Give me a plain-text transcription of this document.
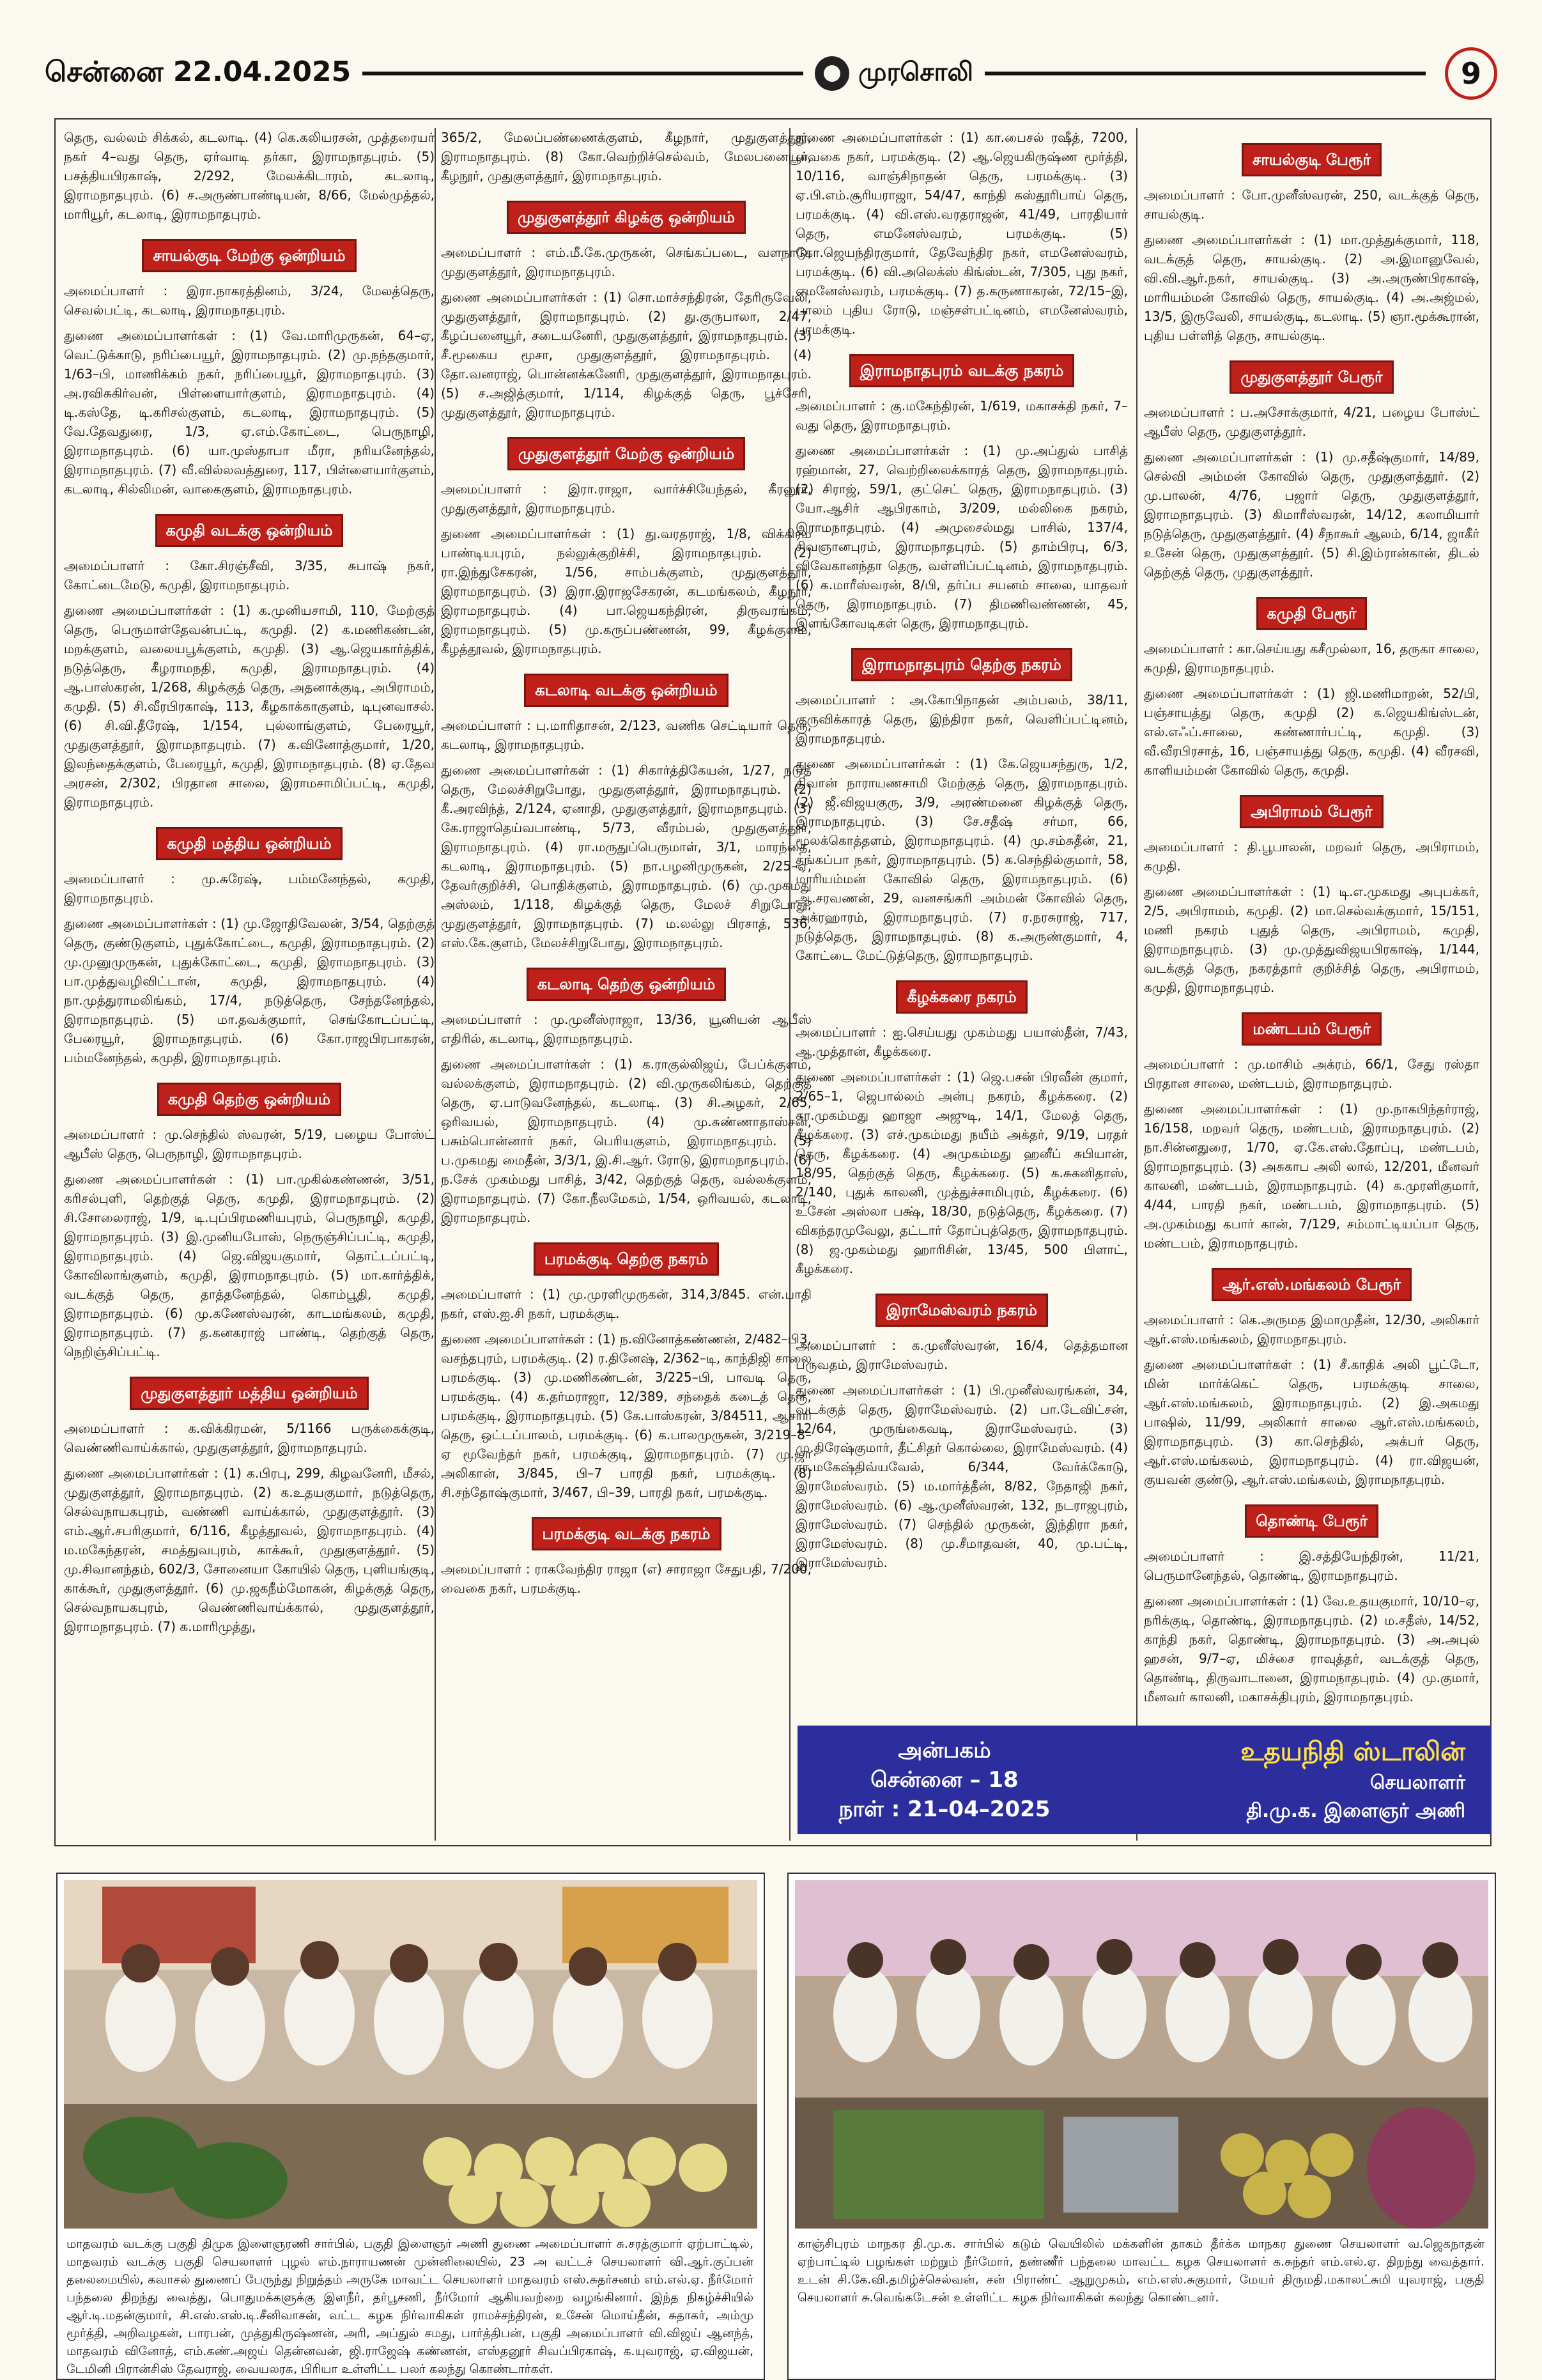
சென்னை 22.04.2025	முரசொலி	9

தெரு, வல்லம் சிக்கல், கடலாடி. (4) கெ.கலியரசன், முத்தரையர் நகர் 4–வது தெரு, ஏர்வாடி தர்கா, இராமநாதபுரம். (5) பசத்தியபிரகாஷ், 2/292, மேலக்கிடாரம், கடலாடி, இராமநாதபுரம். (6) ச.அருண்பாண்டியன், 8/66, மேல்முத்தல், மாரியூர், கடலாடி, இராமநாதபுரம்.

சாயல்குடி மேற்கு ஒன்றியம்

அமைப்பாளர் : இரா.நாகரத்தினம், 3/24, மேலத்தெரு, செவல்பட்டி, கடலாடி, இராமநாதபுரம்.

துணை அமைப்பாளர்கள் : (1) வே.மாரிமுருகன், 64–ஏ, வெட்டுக்காடு, நரிப்பையூர், இராமநாதபுரம். (2) மு.நந்தகுமார், 1/63–பி, மாணிக்கம் நகர், நரிப்பையூர், இராமநாதபுரம். (3) அ.ரவிசுகிர்வன், பிள்ளையார்குளம், இராமநாதபுரம். (4) டி.கஸ்தே, டி.கரிசல்குளம், கடலாடி, இராமநாதபுரம். (5) வே.தேவதுரை, 1/3, ஏ.எம்.கோட்டை, பெருநாழி, இராமநாதபுரம். (6) யா.முஸ்தாபா மீரா, நரியனேந்தல், இராமநாதபுரம். (7) வீ.வில்லவத்துரை, 117, பிள்ளையார்குளம், கடலாடி, சில்லிமன், வாகைகுளம், இராமநாதபுரம்.

கமுதி வடக்கு ஒன்றியம்

அமைப்பாளர் : கோ.சிரஞ்சீவி, 3/35, சுபாஷ் நகர், கோட்டைமேடு, கமுதி, இராமநாதபுரம்.

துணை அமைப்பாளர்கள் : (1) க.முனியசாமி, 110, மேற்குத் தெரு, பெருமாள்தேவன்பட்டி, கமுதி. (2) க.மணிகண்டன், மறக்குளம், வலையபூக்குளம், கமுதி. (3) ஆ.ஜெயகார்த்திக், நடுத்தெரு, கீழராமநதி, கமுதி, இராமநாதபுரம். (4) ஆ.பாஸ்கரன், 1/268, கிழக்குத் தெரு, அதனாக்குடி, அபிராமம், கமுதி. (5) சி.வீரபிரகாஷ், 113, கீழகாக்காகுளம், டிபுனவாசல். (6) சி.வி.தீரேஷ், 1/154, புல்லாங்குளம், பேரையூர், முதுகுளத்தூர், இராமநாதபுரம். (7) க.வினோத்குமார், 1/20, இலந்தைக்குளம், பேரையூர், கமுதி, இராமநாதபுரம். (8) ஏ.தேவ அரசன், 2/302, பிரதான சாலை, இராமசாமிப்பட்டி, கமுதி, இராமநாதபுரம்.

கமுதி மத்திய ஒன்றியம்

அமைப்பாளர் : மு.சுரேஷ், பம்மனேந்தல், கமுதி, இராமநாதபுரம்.

துணை அமைப்பாளர்கள் : (1) மு.ஜோதிவேலன், 3/54, தெற்குத் தெரு, குண்டுகுளம், புதுக்கோட்டை, கமுதி, இராமநாதபுரம். (2) மு.முனுமுருகன், புதுக்கோட்டை, கமுதி, இராமநாதபுரம். (3) பா.முத்துவழிவிட்டான், கமுதி, இராமநாதபுரம். (4) நா.முத்துராமலிங்கம், 17/4, நடுத்தெரு, சேந்தனேந்தல், இராமநாதபுரம். (5) மா.தவக்குமார், செங்கோடப்பட்டி, பேரையூர், இராமநாதபுரம். (6) கோ.ராஜபிரபாகரன், பம்மனேந்தல், கமுதி, இராமநாதபுரம்.

கமுதி தெற்கு ஒன்றியம்

அமைப்பாளர் : மு.செந்தில் ஸ்வரன், 5/19, பழைய போஸ்ட் ஆபீஸ் தெரு, பெருநாழி, இராமநாதபுரம்.

துணை அமைப்பாளர்கள் : (1) பா.முகில்கண்ணன், 3/51, கரிசல்புளி, தெற்குத் தெரு, கமுதி, இராமநாதபுரம். (2) சி.சோலைராஜ், 1/9, டி.புப்பிரமணியபுரம், பெருநாழி, கமுதி, இராமநாதபுரம். (3) இ.முனியபோஸ், நெருஞ்சிப்பட்டி, கமுதி, இராமநாதபுரம். (4) ஜெ.விஜயகுமார், தொட்டப்பட்டி, கோவிலாங்குளம், கமுதி, இராமநாதபுரம். (5) மா.கார்த்திக், வடக்குத் தெரு, தாத்தனேந்தல், கொம்பூதி, கமுதி, இராமநாதபுரம். (6) மு.கணேஸ்வரன், காடமங்கலம், கமுதி, இராமநாதபுரம். (7) த.கனகராஜ் பாண்டி, தெற்குத் தெரு, நெறிஞ்சிப்பட்டி.

முதுகுளத்தூர் மத்திய ஒன்றியம்

அமைப்பாளர் : க.விக்கிரமன், 5/1166 பருக்கைக்குடி, வெண்ணிவாய்க்கால், முதுகுளத்தூர், இராமநாதபுரம்.

துணை அமைப்பாளர்கள் : (1) க.பிரபு, 299, கிழவனேரி, மீசல், முதுகுளத்தூர், இராமநாதபுரம். (2) க.உதயகுமார், நடுத்தெரு, செல்வநாயகபுரம், வண்ணி வாய்க்கால், முதுகுளத்தூர். (3) எம்.ஆர்.சபரிகுமார், 6/116, கீழத்தூவல், இராமநாதபுரம். (4) ம.மகேந்தரன், சமத்துவபுரம், காக்கூர், முதுகுளத்தூர். (5) மு.சிவானந்தம், 602/3, சோனையா கோயில் தெரு, புளியங்குடி, காக்கூர், முதுகுளத்தூர். (6) மு.ஜகநீம்மோகன், கிழக்குத் தெரு, செல்வநாயகபுரம், வெண்ணிவாய்க்கால், முதுகுளத்தூர், இராமநாதபுரம். (7) க.மாரிமுத்து,

365/2, மேலப்பண்ணைக்குளம், கீழநார், முதுகுளத்தூர், இராமநாதபுரம். (8) கோ.வெற்றிச்செல்வம், மேலபனையூர், கீழநூர், முதுகுளத்தூர், இராமநாதபுரம்.

முதுகுளத்தூர் கிழக்கு ஒன்றியம்

அமைப்பாளர் : எம்.மீ.கே.முருகன், செங்கப்படை, வளநாடு, முதுகுளத்தூர், இராமநாதபுரம்.

துணை அமைப்பாளர்கள் : (1) சொ.மாச்சந்திரன், தேரிருவேலி, முதுகுளத்தூர், இராமநாதபுரம். (2) து.குருபாலா, 2/47, கீழப்பனையூர், சடையனேரி, முதுகுளத்தூர், இராமநாதபுரம். (3) சீ.மூகைய மூசா, முதுகுளத்தூர், இராமநாதபுரம். (4) தோ.வனராஜ், பொன்னக்கனேரி, முதுகுளத்தூர், இராமநாதபுரம். (5) ச.அஜித்குமார், 1/114, கிழக்குத் தெரு, பூச்சேரி, முதுகுளத்தூர், இராமநாதபுரம்.

முதுகுளத்தூர் மேற்கு ஒன்றியம்

அமைப்பாளர் : இரா.ராஜா, வார்ச்சியேந்தல், கீரனூர், முதுகுளத்தூர், இராமநாதபுரம்.

துணை அமைப்பாளர்கள் : (1) து.வரதராஜ், 1/8, விக்கிரம பாண்டியபுரம், நல்லுக்குறிச்சி, இராமநாதபுரம். (2) ரா.இந்துசேகரன், 1/56, சாம்பக்குளம், முதுகுளத்தூர், இராமநாதபுரம். (3) இரா.இராஜசேகரன், கடமங்கலம், கீழநூர், இராமநாதபுரம். (4) பா.ஜெயகந்திரன், திருவரங்கம், இராமநாதபுரம். (5) மு.கருப்பண்ணன், 99, கீழக்குளம், கீழத்தூவல், இராமநாதபுரம்.

கடலாடி வடக்கு ஒன்றியம்

அமைப்பாளர் : பு.மாரிதாசன், 2/123, வணிக செட்டியார் தெரு, கடலாடி, இராமநாதபுரம்.

துணை அமைப்பாளர்கள் : (1) சிகார்த்திகேயன், 1/27, நடுத் தெரு, மேலச்சிறுபோது, முதுகுளத்தூர், இராமநாதபுரம். (2) கீ.அரவிந்த், 2/124, ஏனாதி, முதுகுளத்தூர், இராமநாதபுரம். (3) கே.ராஜாதெய்வபாண்டி, 5/73, வீரம்பல், முதுகுளத்தூர், இராமநாதபுரம். (4) ரா.மருதுப்பெருமாள், 3/1, மாரந்தை, கடலாடி, இராமநாதபுரம். (5) நா.பழனிமுருகன், 2/25–ஏ, தேவர்குறிச்சி, பொதிக்குளம், இராமநாதபுரம். (6) மு.முகமது அஸ்லம், 1/118, கிழக்குத் தெரு, மேலச் சிறுபோது, முதுகுளத்தூர், இராமநாதபுரம். (7) ம.லல்லு பிரசாத், 536, எஸ்.கே.குளம், மேலச்சிறுபோது, இராமநாதபுரம்.

கடலாடி தெற்கு ஒன்றியம்

அமைப்பாளர் : மு.முனீஸ்ராஜா, 13/36, யூனியன் ஆபீஸ் எதிரில், கடலாடி, இராமநாதபுரம்.

துணை அமைப்பாளர்கள் : (1) க.ராகுல்லிஜய், பேப்க்குளம், வல்லக்குளம், இராமநாதபுரம். (2) வி.முருகலிங்கம், தெற்குத் தெரு, ஏ.பாடுவனேந்தல், கடலாடி. (3) சி.அழகர், 2/65, ஒரிவயல், இராமநாதபுரம். (4) மு.சுண்ணாதாஸ்சன், பசும்பொன்னார் நகர், பெரியகுளம், இராமநாதபுரம். (5) ப.முகமது மைதீன், 3/3/1, இ.சி.ஆர். ரோடு, இராமநாதபுரம். (6) ந.சேக் முகம்மது பாசித், 3/42, தெற்குத் தெரு, வல்லக்குளம், இராமநாதபுரம். (7) கோ.நீலமேகம், 1/54, ஒரிவயல், கடலாடி, இராமநாதபுரம்.

பரமக்குடி தெற்கு நகரம்

அமைப்பாளர் : (1) மு.முரளிமுருகன், 314,3/845. என்.பாதி நகர், எஸ்.ஐ.சி நகர், பரமக்குடி.

துணை அமைப்பாளர்கள் : (1) ந.வினோத்கண்ணன், 2/482–பி3, வசந்தபுரம், பரமக்குடி. (2) ர.தினேஷ், 2/362–டி, காந்திஜி சாலை பரமக்குடி. (3) மு.மணிகண்டன், 3/225–பி, பாவடி தெரு, பரமக்குடி. (4) க.தர்மராஜா, 12/389, சந்தைக் கடைத் தெரு, பரமக்குடி, இராமநாதபுரம். (5) கே.பாஸ்கரன், 3/84511, ஆசாரி தெரு, ஒட்டப்பாலம், பரமக்குடி. (6) க.பாலமுருகன், 3/219–8–ஏ மூவேந்தர் நகர், பரமக்குடி, இராமநாதபுரம். (7) மு.ஜா அலிகான், 3/845, பி–7 பாரதி நகர், பரமக்குடி. (8) சி.சந்தோஷ்குமார், 3/467, பி–39, பாரதி நகர், பரமக்குடி.

பரமக்குடி வடக்கு நகரம்

அமைப்பாளர் : ராகவேந்திர ராஜா (எ) சாராஜா சேதுபதி, 7/200, வைகை நகர், பரமக்குடி.

துணை அமைப்பாளர்கள் : (1) கா.பைசல் ரஷீத், 7200, வைகை நகர், பரமக்குடி. (2) ஆ.ஜெயகிருஷ்ண மூர்த்தி, 10/116, வாஞ்சிநாதன் தெரு, பரமக்குடி. (3) ஏ.பி.எம்.சூரியராஜா, 54/47, காந்தி கஸ்தூரிபாய் தெரு, பரமக்குடி. (4) வி.எஸ்.வரதராஜன், 41/49, பாரதியார் தெரு, எமனேஸ்வரம், பரமக்குடி. (5) கோ.ஜெயந்திரகுமார், தேவேந்திர நகர், எமனேஸ்வரம், பரமக்குடி. (6) வி.அலெக்ஸ் கிங்ஸ்டன், 7/305, புது நகர், எமனேஸ்வரம், பரமக்குடி. (7) த.கருணாகரன், 72/15–இ, பாலம் புதிய ரோடு, மஞ்சள்பட்டினம், எமனேஸ்வரம், பரமக்குடி.

இராமநாதபுரம் வடக்கு நகரம்

அமைப்பாளர் : கு.மகேந்திரன், 1/619, மகாசக்தி நகர், 7–வது தெரு, இராமநாதபுரம்.

துணை அமைப்பாளர்கள் : (1) மு.அப்துல் பாசித் ரஹ்மான், 27, வெற்றிலைக்காரத் தெரு, இராமநாதபுரம். (2) சிராஜ், 59/1, குட்செட் தெரு, இராமநாதபுரம். (3) யோ.ஆசிர் ஆபிரகாம், 3/209, மல்லிகை நகரம், இராமநாதபுரம். (4) அமுசைல்மது பாசில், 137/4, சிவஞானபுரம், இராமநாதபுரம். (5) தாம்பிரபு, 6/3, விவேகானந்தா தெரு, வள்ளிப்பட்டினம், இராமநாதபுரம். (6) க.மாரீஸ்வரன், 8/பி, தர்ப்ப சயனம் சாலை, யாதவர் தெரு, இராமநாதபுரம். (7) திமணிவண்ணன், 45, இளங்கோவடிகள் தெரு, இராமநாதபுரம்.

இராமநாதபுரம் தெற்கு நகரம்

அமைப்பாளர் : அ.கோபிநாதன் அம்பலம், 38/11, குருவிக்காரத் தெரு, இந்திரா நகர், வெளிப்பட்டினம், இராமநாதபுரம்.

துணை அமைப்பாளர்கள் : (1) கே.ஜெயசந்துரு, 1/2, திவான் நாராயணசாமி மேற்குத் தெரு, இராமநாதபுரம். (2) ஜீ.விஜயகுரு, 3/9, அரண்மனை கிழக்குத் தெரு, இராமநாதபுரம். (3) சே.சதீஷ் சர்மா, 66, மூலக்கொத்தளம், இராமநாதபுரம். (4) மு.சம்சுதீன், 21, தங்கப்பா நகர், இராமநாதபுரம். (5) க.செந்தில்குமார், 58, மாரியம்மன் கோவில் தெரு, இராமநாதபுரம். (6) ஆ.சரவணன், 29, வனசங்கரி அம்மன் கோவில் தெரு, அக்ரஹாரம், இராமநாதபுரம். (7) ர.நரசுராஜ், 717, நடுத்தெரு, இராமநாதபுரம். (8) க.அருண்குமார், 4, கோட்டை மேட்டுத்தெரு, இராமநாதபுரம்.

கீழக்கரை நகரம்

அமைப்பாளர் : ஐ.செய்யது முகம்மது பயாஸ்தீன், 7/43, ஆ.முத்தான், கீழக்கரை.

துணை அமைப்பாளர்கள் : (1) ஜெ.பசன் பிரவீன் குமார், 2/65–1, ஜெபால்லம் அன்பு நகரம், கீழக்கரை. (2) கா.முகம்மது ஹாஜா அஜுடி, 14/1, மேலத் தெரு, கீழக்கரை. (3) எச்.முகம்மது நயீம் அக்தர், 9/19, பரதர் தெரு, கீழக்கரை. (4) அமுகம்மது ஹனீப் சுபியான், 18/95, தெற்குத் தெரு, கீழக்கரை. (5) க.சுகனிதாஸ், 2/140, புதுக் காலனி, முத்துச்சாமிபுரம், கீழக்கரை. (6) உசேன் அஸ்லா பக்ஷ், 18/30, நடுத்தெரு, கீழக்கரை. (7) விகந்தரமுவேலு, தட்டார் தோப்புத்தெரு, இராமநாதபுரம். (8) ஜ.முகம்மது ஹாரிசின், 13/45, 500 பிளாட், கீழக்கரை.

இராமேஸ்வரம் நகரம்

அமைப்பாளர் : க.முனீஸ்வரன், 16/4, தெத்தமான பருவதம், இராமேஸ்வரம்.

துணை அமைப்பாளர்கள் : (1) பி.முனீஸ்வரங்கன், 34, வடக்குத் தெரு, இராமேஸ்வரம். (2) பா.டேவிட்சன், 12/64, முருங்கைவடி, இராமேஸ்வரம். (3) மு.திரேஷ்குமார், தீட்சிதர் கொல்லை, இராமேஸ்வரம். (4) ரா.மகேஷ்திவ்யவேல், 6/344, வேர்க்கோடு, இராமேஸ்வரம். (5) ம.மார்த்தீன், 8/82, நேதாஜி நகர், இராமேஸ்வரம். (6) ஆ.முனீஸ்வரன், 132, நடராஜபுரம், இராமேஸ்வரம். (7) செந்தில் முருகன், இந்திரா நகர், இராமேஸ்வரம். (8) மு.சீமாதவன், 40, மு.பட்டி, இராமேஸ்வரம்.

சாயல்குடி பேரூர்

அமைப்பாளர் : போ.முனீஸ்வரன், 250, வடக்குத் தெரு, சாயல்குடி.

துணை அமைப்பாளர்கள் : (1) மா.முத்துக்குமார், 118, வடக்குத் தெரு, சாயல்குடி. (2) அ.இமானுவேல், வி.வி.ஆர்.நகர், சாயல்குடி. (3) அ.அருண்பிரகாஷ், மாரியம்மன் கோவில் தெரு, சாயல்குடி. (4) அ.அஜ்மல், 13/5, இருவேலி, சாயல்குடி, கடலாடி. (5) ஞா.மூக்கூரான், புதிய பள்ளித் தெரு, சாயல்குடி.

முதுகுளத்தூர் பேரூர்

அமைப்பாளர் : ப.அசோக்குமார், 4/21, பழைய போஸ்ட் ஆபீஸ் தெரு, முதுகுளத்தூர்.

துணை அமைப்பாளர்கள் : (1) மு.சதீஷ்குமார், 14/89, செல்வி அம்மன் கோவில் தெரு, முதுகுளத்தூர். (2) மு.பாலன், 4/76, பஜார் தெரு, முதுகுளத்தூர், இராமநாதபுரம். (3) கிமாரீஸ்வரன், 14/12, கலாமியார் நடுத்தெரு, முதுகுளத்தூர். (4) சீநாகூர் ஆலம், 6/14, ஜாகீர் உசேன் தெரு, முதுகுளத்தூர். (5) சி.இம்ரான்கான், திடல் தெற்குத் தெரு, முதுகுளத்தூர்.

கமுதி பேரூர்

அமைப்பாளர் : கா.செய்யது கசீமுல்லா, 16, தருகா சாலை, கமுதி, இராமநாதபுரம்.

துணை அமைப்பாளர்கள் : (1) ஜி.மணிமாறன், 52/பி, பஞ்சாயத்து தெரு, கமுதி (2) க.ஜெயகிங்ஸ்டன், எல்.எஃப்.சாலை, கண்ணார்பட்டி, கமுதி. (3) வீ.வீரபிரசாத், 16, பஞ்சாயத்து தெரு, கமுதி. (4) வீரசவி, காளியம்மன் கோவில் தெரு, கமுதி.

அபிராமம் பேரூர்

அமைப்பாளர் : தி.பூபாலன், மறவர் தெரு, அபிராமம், கமுதி.

துணை அமைப்பாளர்கள் : (1) டி.எ.முகமது அபுபக்கர், 2/5, அபிராமம், கமுதி. (2) மா.செல்வக்குமார், 15/151, மணி நகரம் புதுத் தெரு, அபிராமம், கமுதி, இராமநாதபுரம். (3) மு.முத்துவிஜயபிரகாஷ், 1/144, வடக்குத் தெரு, நகரத்தார் குறிச்சித் தெரு, அபிராமம், கமுதி, இராமநாதபுரம்.

மண்டபம் பேரூர்

அமைப்பாளர் : மு.மாசிம் அக்ரம், 66/1, சேது ரஸ்தா பிரதான சாலை, மண்டபம், இராமநாதபுரம்.

துணை அமைப்பாளர்கள் : (1) மு.நாகபிந்தர்ராஜ், 16/158, மறவர் தெரு, மண்டபம், இராமநாதபுரம். (2) நா.சின்னதுரை, 1/70, ஏ.கே.எஸ்.தோப்பு, மண்டபம், இராமநாதபுரம். (3) அசுகாப அலி லால், 12/201, மீனவர் காலனி, மண்டபம், இராமநாதபுரம். (4) க.முரளிகுமார், 4/44, பாரதி நகர், மண்டபம், இராமநாதபுரம். (5) அ.முகம்மது கபார் கான், 7/129, சம்மாட்டியப்பா தெரு, மண்டபம், இராமநாதபுரம்.

ஆர்.எஸ்.மங்கலம் பேரூர்

அமைப்பாளர் : கெ.அருமத இமாமுதீன், 12/30, அலிகார் ஆர்.எஸ்.மங்கலம், இராமநாதபுரம்.

துணை அமைப்பாளர்கள் : (1) சீ.காதிக் அலி பூட்டோ, மின் மார்க்கெட் தெரு, பரமக்குடி சாலை, ஆர்.எஸ்.மங்கலம், இராமநாதபுரம். (2) இ.அகமது பாஷில், 11/99, அலிகார் சாலை ஆர்.எஸ்.மங்கலம், இராமநாதபுரம். (3) கா.செந்தில், அக்பர் தெரு, ஆர்.எஸ்.மங்கலம், இராமநாதபுரம். (4) ரா.விஜயன், குயவன் குண்டு, ஆர்.எஸ்.மங்கலம், இராமநாதபுரம்.

தொண்டி பேரூர்

அமைப்பாளர் : இ.சத்தியேந்திரன், 11/21, பெருமானேந்தல், தொண்டி, இராமநாதபுரம்.

துணை அமைப்பாளர்கள் : (1) வே.உதயகுமார், 10/10–ஏ, நரிக்குடி, தொண்டி, இராமநாதபுரம். (2) ம.சதீஸ், 14/52, காந்தி நகர், தொண்டி, இராமநாதபுரம். (3) அ.அபுல் ஹசன், 9/7–ஏ, மிச்சை ராவுத்தர், வடக்குத் தெரு, தொண்டி, திருவாடானை, இராமநாதபுரம். (4) மு.குமார், மீனவர் காலனி, மகாசக்திபுரம், இராமநாதபுரம்.

அன்பகம்
சென்னை – 18
நாள் : 21–04–2025
உதயநிதி ஸ்டாலின்
செயலாளர்
தி.மு.க. இளைஞர் அணி
மாதவரம் வடக்கு பகுதி திமுக இளைஞரணி சார்பில், பகுதி இளைஞர் அணி துணை அமைப்பாளர் சு.சரத்குமார் ஏற்பாட்டில், மாதவரம் வடக்கு பகுதி செயலாளர் புழல் எம்.நாராயணன் முன்னிலையில், 23 அ வட்டச் செயலாளர் வி.ஆர்.குப்பன் தலைமையில், கவாசல் துணைப் பேருந்து நிறுத்தம் அருகே மாவட்ட செயலாளர் மாதவரம் எஸ்.சுதர்சனம் எம்.எல்.ஏ. நீர்மோர் பந்தலை திறந்து வைத்து, பொதுமக்களுக்கு இளநீர், தர்பூசணி, நீர்மோர் ஆகியவற்றை வழங்கினார். இந்த நிகழ்ச்சியில் ஆர்.டி.மதன்குமார், சி.எஸ்.எஸ்.டி.சீனிவாசன், வட்ட கழக நிர்வாகிகள் ராமச்சந்திரன், உசேன் மொய்தீன், சுதாகர், அம்மு மூர்த்தி, அறிவழகன், பாரபன், முத்துகிருஷ்ணன், அரி, அப்துல் சமது, பார்த்திபன், பகுதி அமைப்பாளர் வி.விஜய் ஆனந்த், மாதவரம் வினோத், எம்.கண்.அஜய் தென்னவன், ஜி.ராஜேஷ் கண்ணன், எஸ்தனூர் சிவப்பிரகாஷ், க.யுவராஜ், ஏ.விஜயன், டேமினி பிரான்சிஸ் தேவராஜ், வையலரசு, பிரியா உள்ளிட்ட பலர் கலந்து கொண்டார்கள்.
காஞ்சிபுரம் மாநகர தி.மு.க. சார்பில் கடும் வெயிலில் மக்களின் தாகம் தீர்க்க மாநகர துணை செயலாளர் வ.ஜெகநாதன் ஏற்பாட்டில் பழங்கள் மற்றும் நீர்மோர், தண்ணீர் பந்தலை மாவட்ட கழக செயலாளர் க.சுந்தர் எம்.எல்.ஏ. திறந்து வைத்தார். உடன் சி.கே.வி.தமிழ்ச்செல்வன், சன் பிராண்ட் ஆறுமுகம், எம்.எஸ்.சுகுமார், மேயர் திருமதி.மகாலட்சுமி யுவராஜ், பகுதி செயலாளர் சு.வெங்கடேசன் உள்ளிட்ட கழக நிர்வாகிகள் கலந்து கொண்டனர்.
